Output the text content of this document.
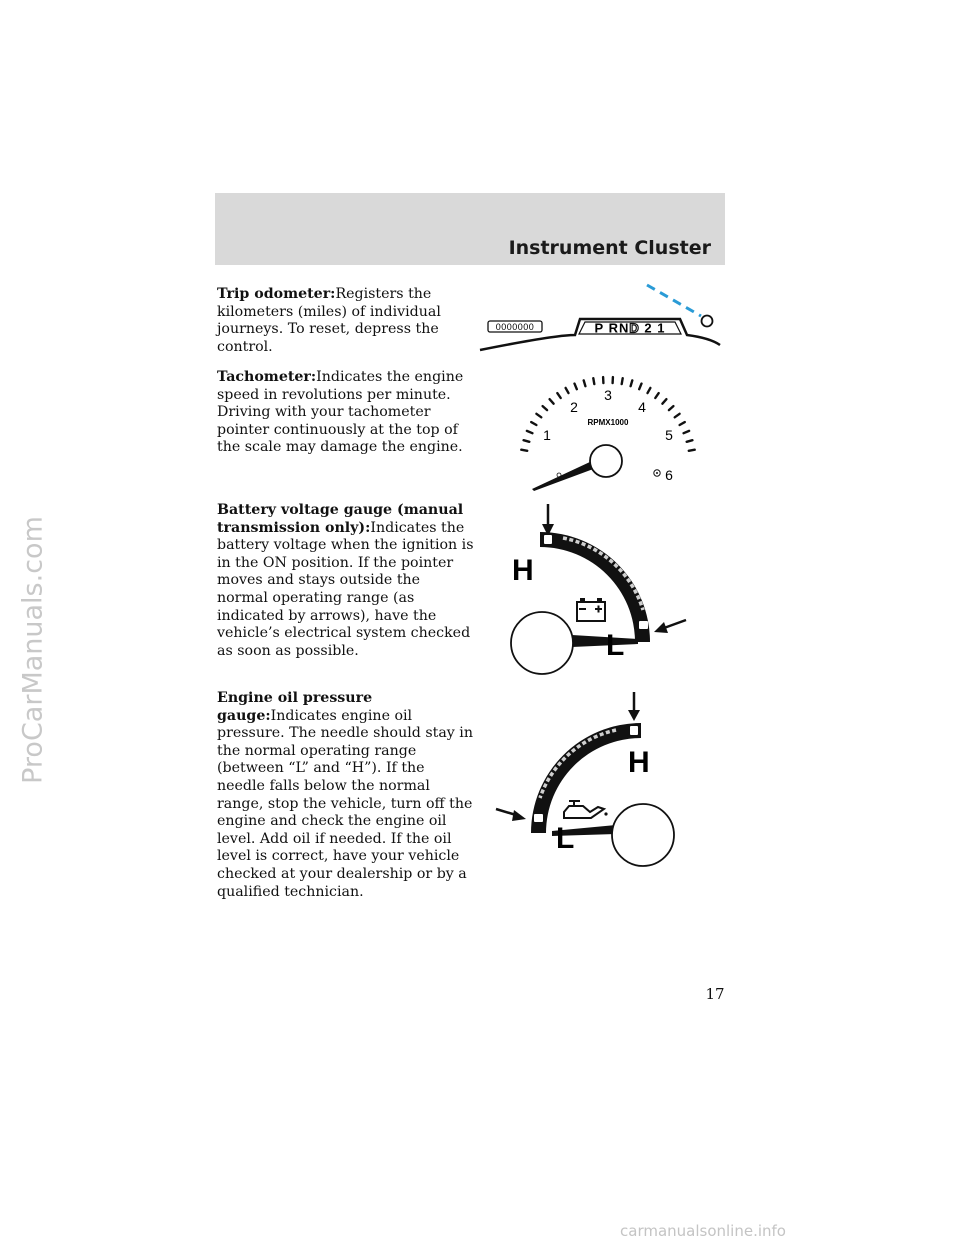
Instrument Cluster

Trip odometer:Registers the kilometers (miles) of individual journeys. To reset, depress the control.

Tachometer:Indicates the engine speed in revolutions per minute. Driving with your tachometer pointer continuously at the top of the scale may damage the engine.

Battery voltage gauge (manual transmission only):Indicates the battery voltage when the ignition is in the ON position. If the pointer moves and stays outside the normal operating range (as indicated by arrows), have the vehicle’s electrical system checked as soon as possible.

Engine oil pressure gauge:Indicates engine oil pressure. The needle should stay in the normal operating range (between “L” and “H”). If the needle falls below the normal range, stop the vehicle, turn off the engine and check the engine oil level. Add oil if needed. If the oil level is correct, have your vehicle checked at your dealership or by a qualified technician.

0000000	P RND 2 1
1
2
3
4
5
6
RPMX1000
H
L
H
L
ProCarManuals.com
17
carmanualsonline.info
